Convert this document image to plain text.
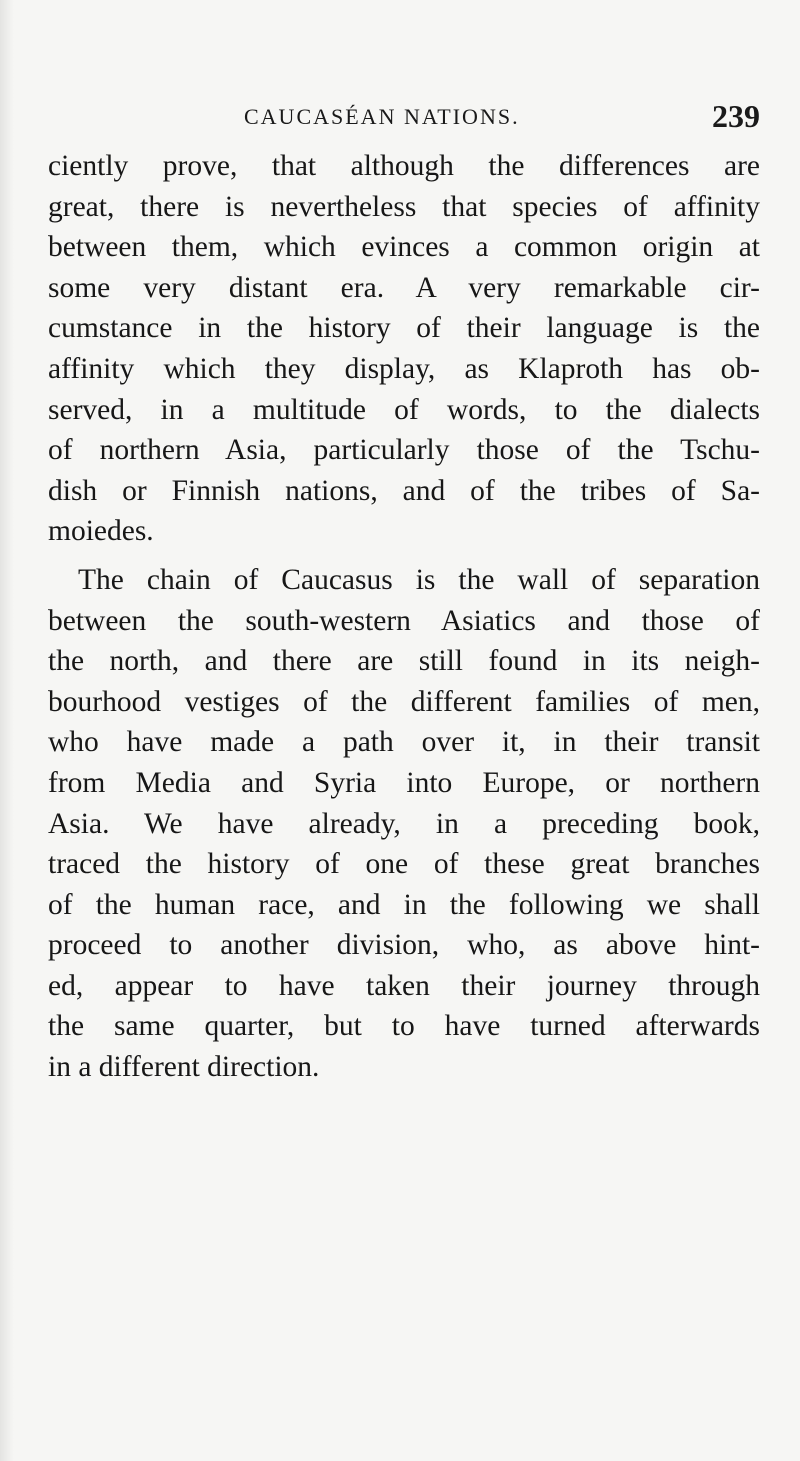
CAUCASÉAN NATIONS.	239
ciently prove, that although the differences are
great, there is nevertheless that species of affinity
between them, which evinces a common origin at
some very distant era. A very remarkable cir-
cumstance in the history of their language is the
affinity which they display, as Klaproth has ob-
served, in a multitude of words, to the dialects
of northern Asia, particularly those of the Tschu-
dish or Finnish nations, and of the tribes of Sa-
moiedes.
The chain of Caucasus is the wall of separation
between the south-western Asiatics and those of
the north, and there are still found in its neigh-
bourhood vestiges of the different families of men,
who have made a path over it, in their transit
from Media and Syria into Europe, or northern
Asia. We have already, in a preceding book,
traced the history of one of these great branches
of the human race, and in the following we shall
proceed to another division, who, as above hint-
ed, appear to have taken their journey through
the same quarter, but to have turned afterwards
in a different direction.
